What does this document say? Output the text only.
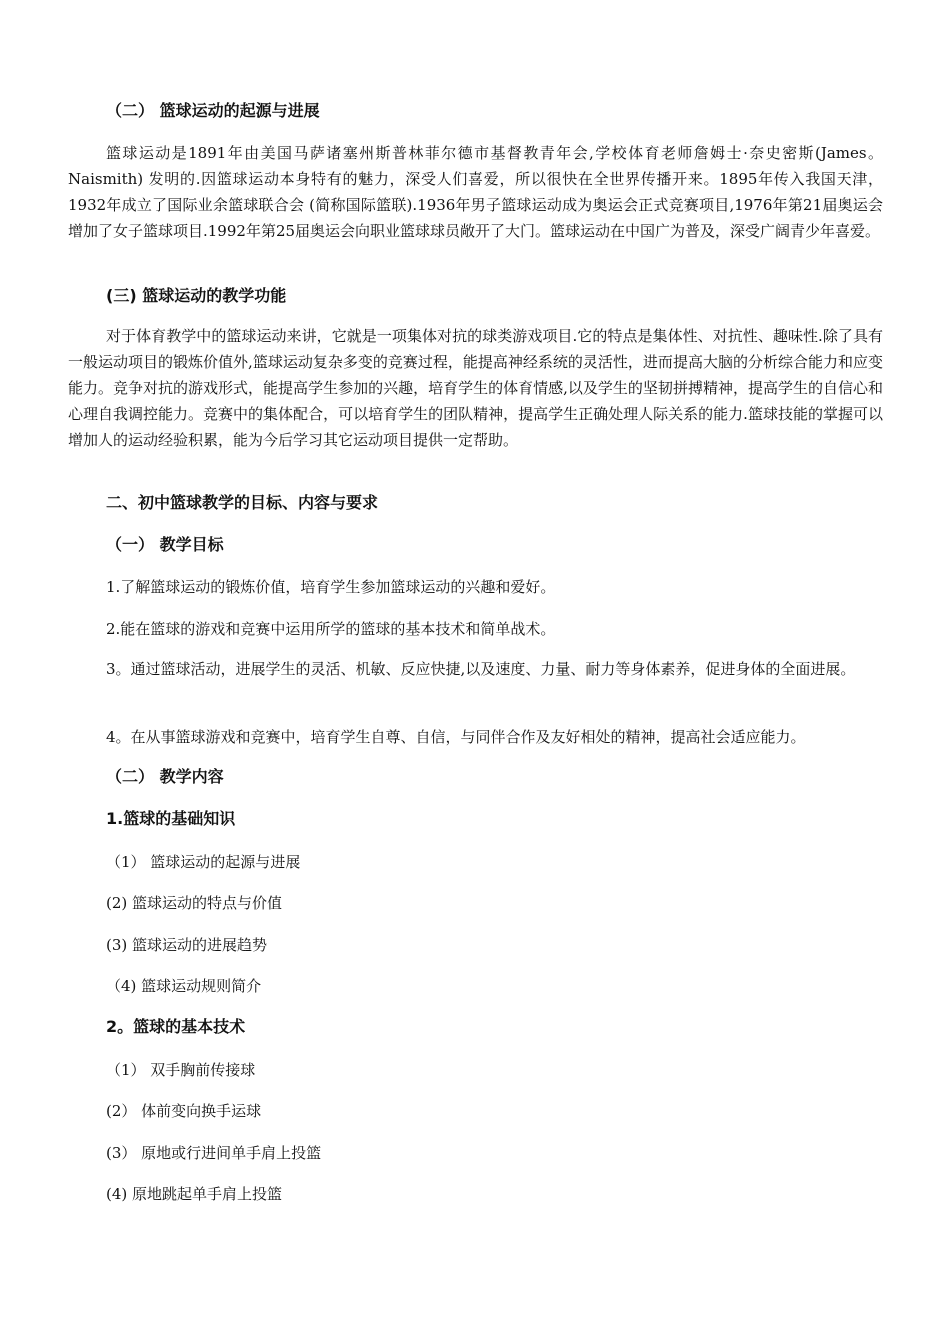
（二） 篮球运动的起源与进展
篮球运动是1891年由美国马萨诸塞州斯普林菲尔德市基督教青年会,学校体育老师詹姆士·奈史密斯(James。Naismith) 发明的.因篮球运动本身特有的魅力，深受人们喜爱，所以很快在全世界传播开来。1895年传入我国天津，1932年成立了国际业余篮球联合会 (简称国际篮联).1936年男子篮球运动成为奥运会正式竞赛项目,1976年第21届奥运会增加了女子篮球项目.1992年第25届奥运会向职业篮球球员敞开了大门。篮球运动在中国广为普及，深受广阔青少年喜爱。
(三) 篮球运动的教学功能
对于体育教学中的篮球运动来讲，它就是一项集体对抗的球类游戏项目.它的特点是集体性、对抗性、趣味性.除了具有一般运动项目的锻炼价值外,篮球运动复杂多变的竞赛过程，能提高神经系统的灵活性，进而提高大脑的分析综合能力和应变能力。竞争对抗的游戏形式，能提高学生参加的兴趣，培育学生的体育情感,以及学生的坚韧拼搏精神，提高学生的自信心和心理自我调控能力。竞赛中的集体配合，可以培育学生的团队精神，提高学生正确处理人际关系的能力.篮球技能的掌握可以增加人的运动经验积累，能为今后学习其它运动项目提供一定帮助。
二、初中篮球教学的目标、内容与要求
（一） 教学目标
1.了解篮球运动的锻炼价值，培育学生参加篮球运动的兴趣和爱好。
2.能在篮球的游戏和竞赛中运用所学的篮球的基本技术和简单战术。
3。通过篮球活动，进展学生的灵活、机敏、反应快捷,以及速度、力量、耐力等身体素养，促进身体的全面进展。
4。在从事篮球游戏和竞赛中，培育学生自尊、自信，与同伴合作及友好相处的精神，提高社会适应能力。
（二） 教学内容
1.篮球的基础知识
（1） 篮球运动的起源与进展
(2) 篮球运动的特点与价值
(3) 篮球运动的进展趋势
（4) 篮球运动规则简介
2。篮球的基本技术
（1） 双手胸前传接球
(2） 体前变向换手运球
(3） 原地或行进间单手肩上投篮
(4) 原地跳起单手肩上投篮
